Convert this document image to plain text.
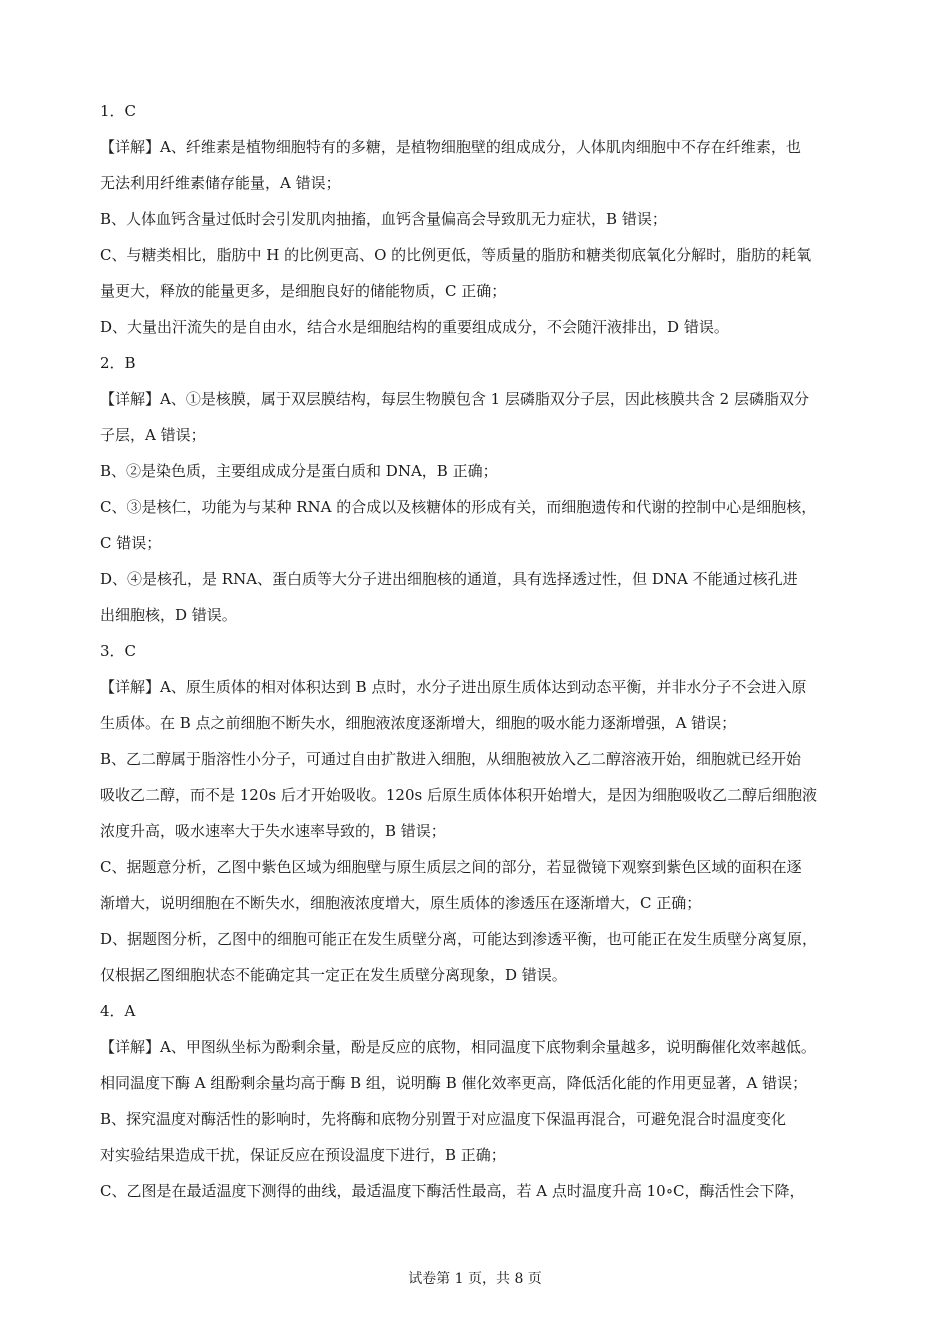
1．C
【详解】A、纤维素是植物细胞特有的多糖，是植物细胞壁的组成成分，人体肌肉细胞中不存在纤维素，也
无法利用纤维素储存能量，A 错误；
B、人体血钙含量过低时会引发肌肉抽搐，血钙含量偏高会导致肌无力症状，B 错误；
C、与糖类相比，脂肪中 H 的比例更高、O 的比例更低，等质量的脂肪和糖类彻底氧化分解时，脂肪的耗氧
量更大，释放的能量更多，是细胞良好的储能物质，C 正确；
D、大量出汗流失的是自由水，结合水是细胞结构的重要组成成分，不会随汗液排出，D 错误。
2．B
【详解】A、①是核膜，属于双层膜结构，每层生物膜包含 1 层磷脂双分子层，因此核膜共含 2 层磷脂双分
子层，A 错误；
B、②是染色质，主要组成成分是蛋白质和 DNA，B 正确；
C、③是核仁，功能为与某种 RNA 的合成以及核糖体的形成有关，而细胞遗传和代谢的控制中心是细胞核，
C 错误；
D、④是核孔，是 RNA、蛋白质等大分子进出细胞核的通道，具有选择透过性，但 DNA 不能通过核孔进
出细胞核，D 错误。
3．C
【详解】A、原生质体的相对体积达到 B 点时，水分子进出原生质体达到动态平衡，并非水分子不会进入原
生质体。在 B 点之前细胞不断失水，细胞液浓度逐渐增大，细胞的吸水能力逐渐增强，A 错误；
B、乙二醇属于脂溶性小分子，可通过自由扩散进入细胞，从细胞被放入乙二醇溶液开始，细胞就已经开始
吸收乙二醇，而不是 120s 后才开始吸收。120s 后原生质体体积开始增大，是因为细胞吸收乙二醇后细胞液
浓度升高，吸水速率大于失水速率导致的，B 错误；
C、据题意分析，乙图中紫色区域为细胞壁与原生质层之间的部分，若显微镜下观察到紫色区域的面积在逐
渐增大，说明细胞在不断失水，细胞液浓度增大，原生质体的渗透压在逐渐增大，C 正确；
D、据题图分析，乙图中的细胞可能正在发生质壁分离，可能达到渗透平衡，也可能正在发生质壁分离复原，
仅根据乙图细胞状态不能确定其一定正在发生质壁分离现象，D 错误。
4．A
【详解】A、甲图纵坐标为酚剩余量，酚是反应的底物，相同温度下底物剩余量越多，说明酶催化效率越低。
相同温度下酶 A 组酚剩余量均高于酶 B 组，说明酶 B 催化效率更高，降低活化能的作用更显著，A 错误；
B、探究温度对酶活性的影响时，先将酶和底物分别置于对应温度下保温再混合，可避免混合时温度变化
对实验结果造成干扰，保证反应在预设温度下进行，B 正确；
C、乙图是在最适温度下测得的曲线，最适温度下酶活性最高，若 A 点时温度升高 10∘C，酶活性会下降，
试卷第 1 页，共 8 页
